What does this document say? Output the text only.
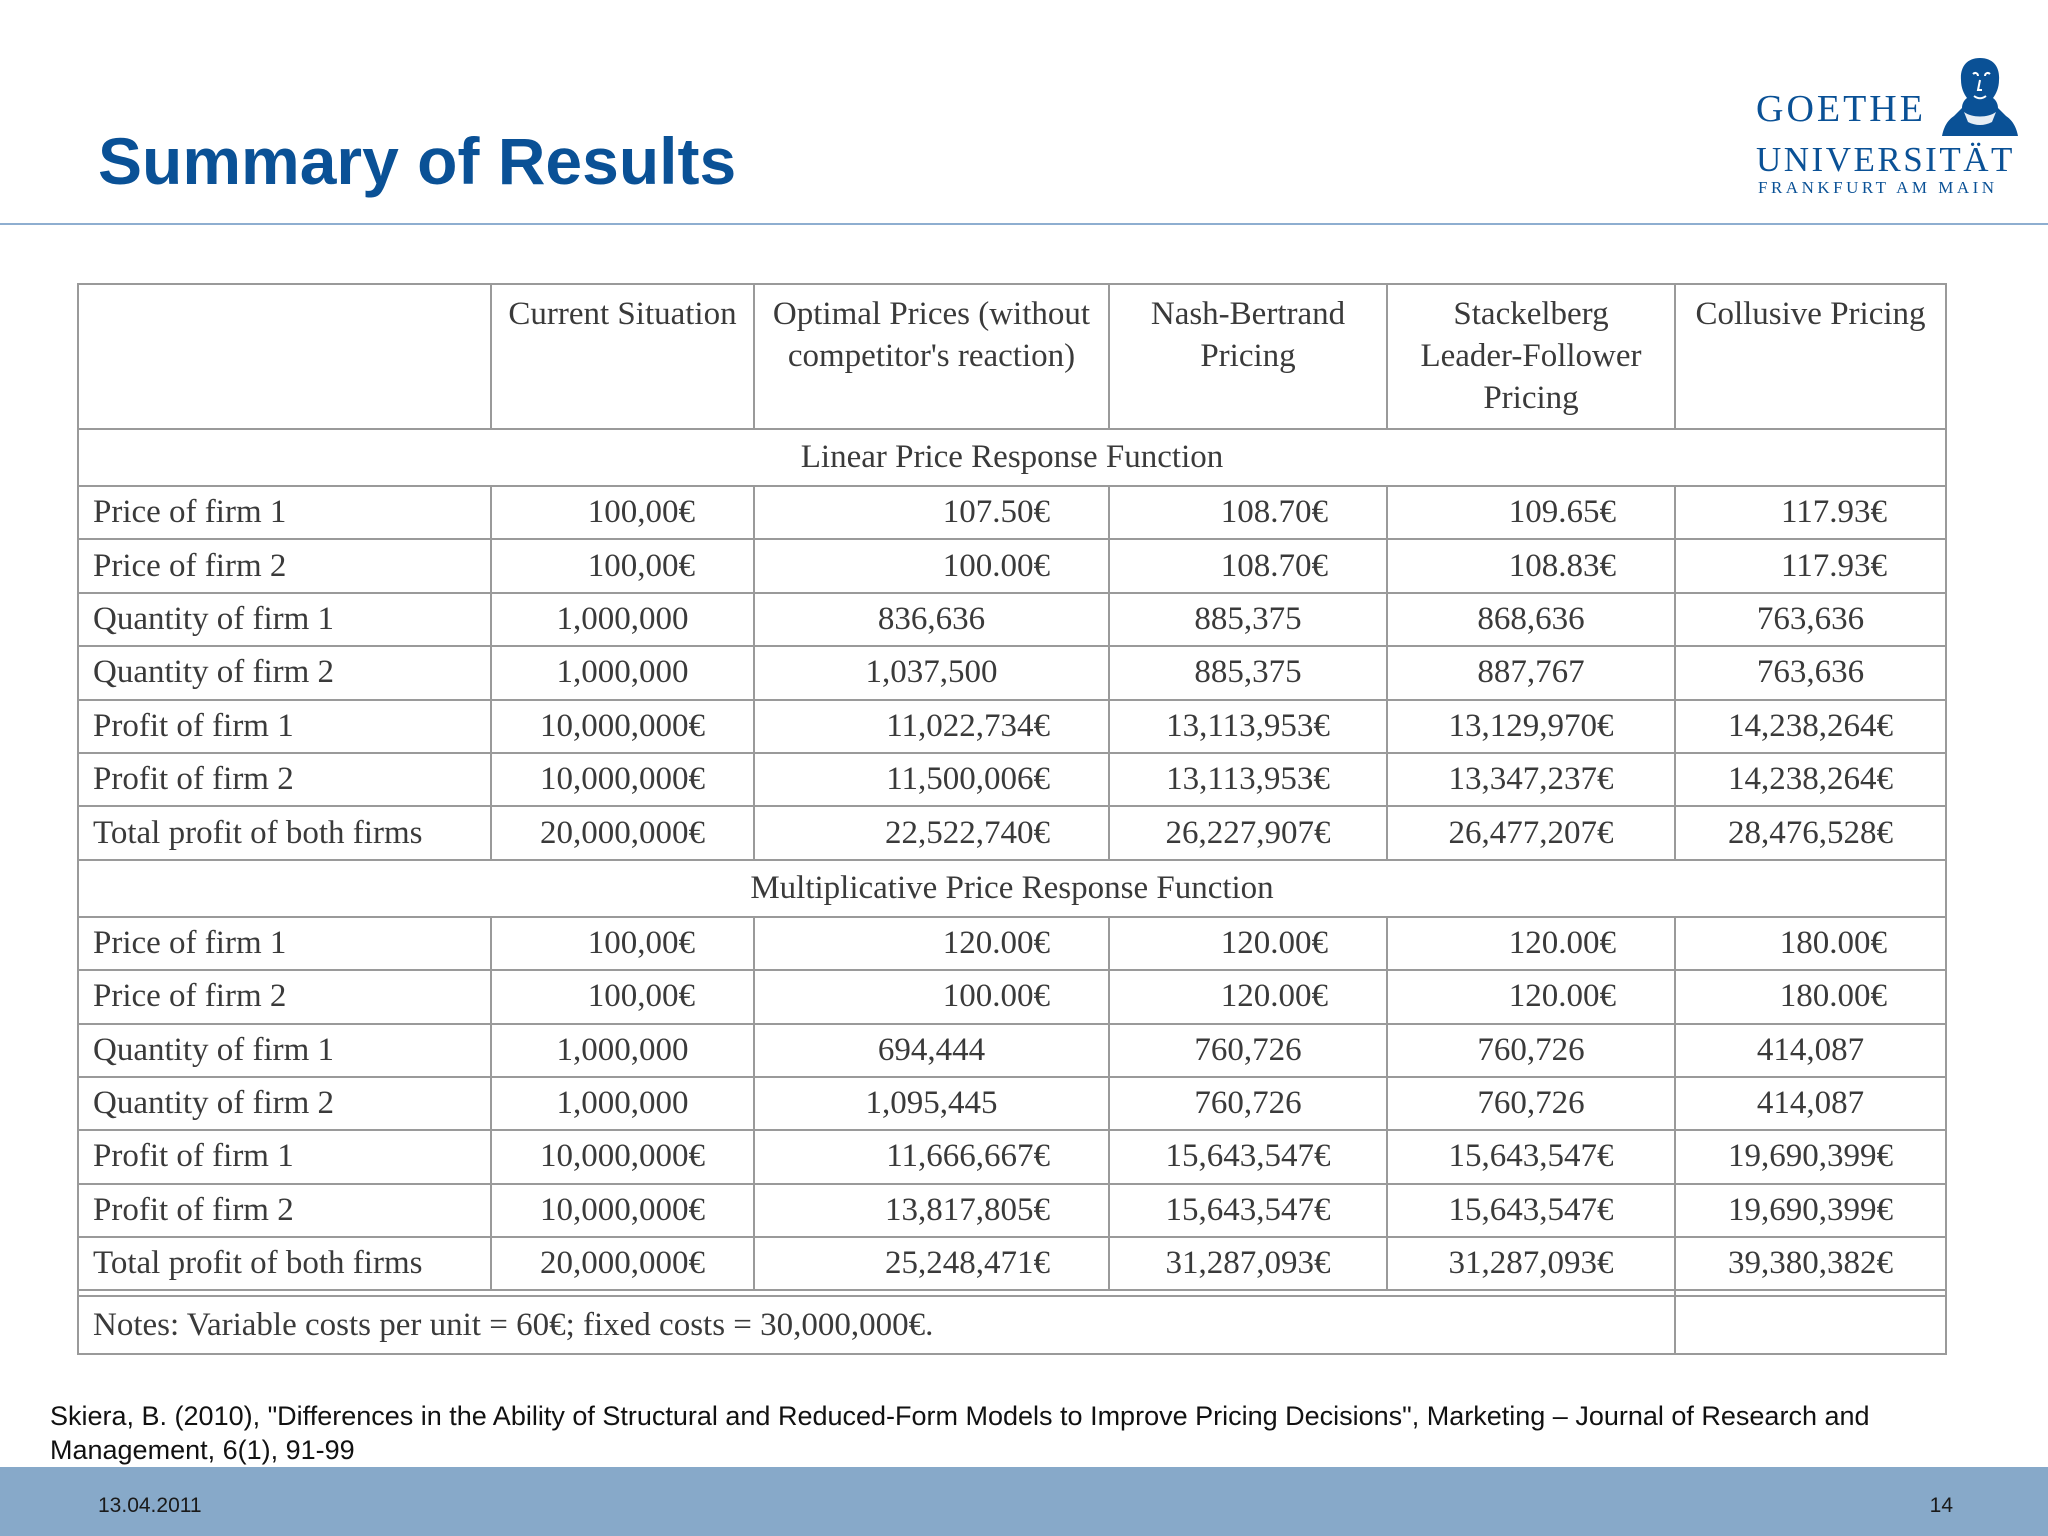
Summary of Results
GOETHE
UNIVERSITÄT
FRANKFURT AM MAIN
	Current Situation	Optimal Prices (without competitor's reaction)	Nash-Bertrand Pricing	Stackelberg Leader-Follower Pricing	Collusive Pricing
Linear Price Response Function					
Price of firm 1	100,00€	107.50€	108.70€	109.65€	117.93€
Price of firm 2	100,00€	100.00€	108.70€	108.83€	117.93€
Quantity of firm 1	1,000,000	836,636	885,375	868,636	763,636
Quantity of firm 2	1,000,000	1,037,500	885,375	887,767	763,636
Profit of firm 1	10,000,000€	11,022,734€	13,113,953€	13,129,970€	14,238,264€
Profit of firm 2	10,000,000€	11,500,006€	13,113,953€	13,347,237€	14,238,264€
Total profit of both firms	20,000,000€	22,522,740€	26,227,907€	26,477,207€	28,476,528€
Multiplicative Price Response Function					
Price of firm 1	100,00€	120.00€	120.00€	120.00€	180.00€
Price of firm 2	100,00€	100.00€	120.00€	120.00€	180.00€
Quantity of firm 1	1,000,000	694,444	760,726	760,726	414,087
Quantity of firm 2	1,000,000	1,095,445	760,726	760,726	414,087
Profit of firm 1	10,000,000€	11,666,667€	15,643,547€	15,643,547€	19,690,399€
Profit of firm 2	10,000,000€	13,817,805€	15,643,547€	15,643,547€	19,690,399€
Total profit of both firms	20,000,000€	25,248,471€	31,287,093€	31,287,093€	39,380,382€

Notes: Variable costs per unit = 60€; fixed costs = 30,000,000€.					

Skiera, B. (2010), "Differences in the Ability of Structural and Reduced-Form Models to Improve Pricing Decisions", Marketing – Journal of Research and Management, 6(1), 91-99

13.04.2011	14
